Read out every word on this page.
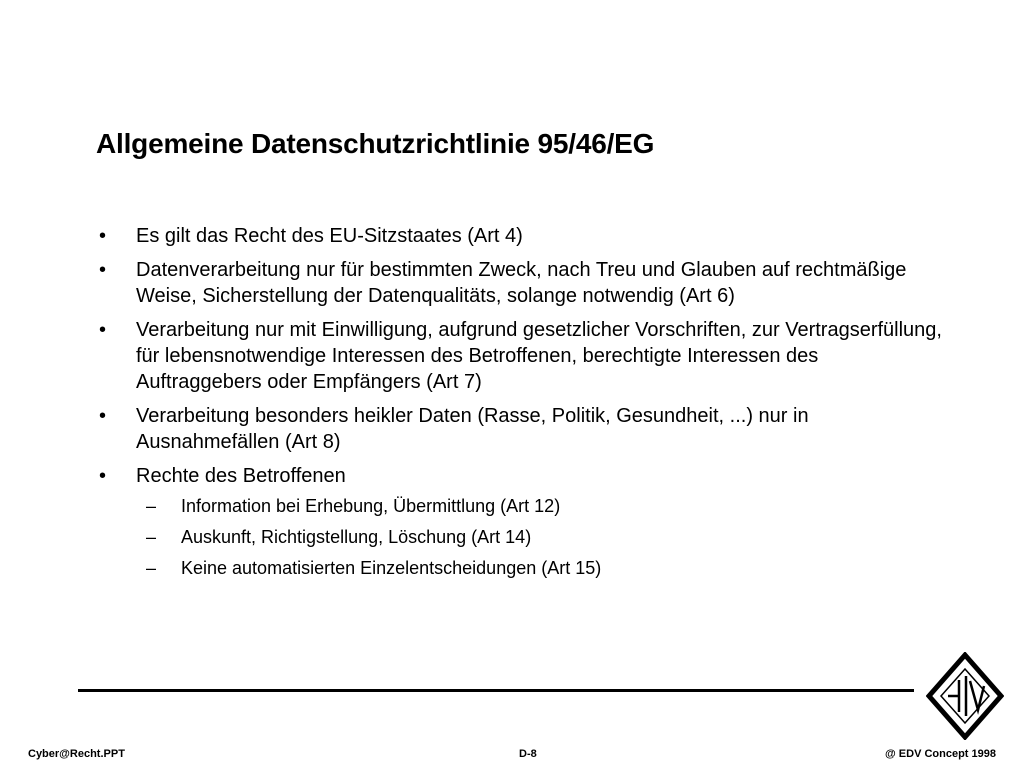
Allgemeine Datenschutzrichtlinie 95/46/EG
• Es gilt das Recht des EU-Sitzstaates (Art 4)
• Datenverarbeitung nur für bestimmten Zweck, nach Treu und Glauben auf rechtmäßige Weise, Sicherstellung der Datenqualitäts, solange notwendig (Art 6)
• Verarbeitung nur mit Einwilligung, aufgrund gesetzlicher Vorschriften, zur Vertragserfüllung, für lebensnotwendige Interessen des Betroffenen, berechtigte Interessen des Auftraggebers oder Empfängers (Art 7)
• Verarbeitung besonders heikler Daten (Rasse, Politik, Gesundheit, ...) nur in Ausnahmefällen (Art 8)
• Rechte des Betroffenen
– Information bei Erhebung, Übermittlung (Art 12)
– Auskunft, Richtigstellung, Löschung (Art 14)
– Keine automatisierten Einzelentscheidungen (Art 15)
Cyber@Recht.PPT	D-8	@ EDV Concept 1998
